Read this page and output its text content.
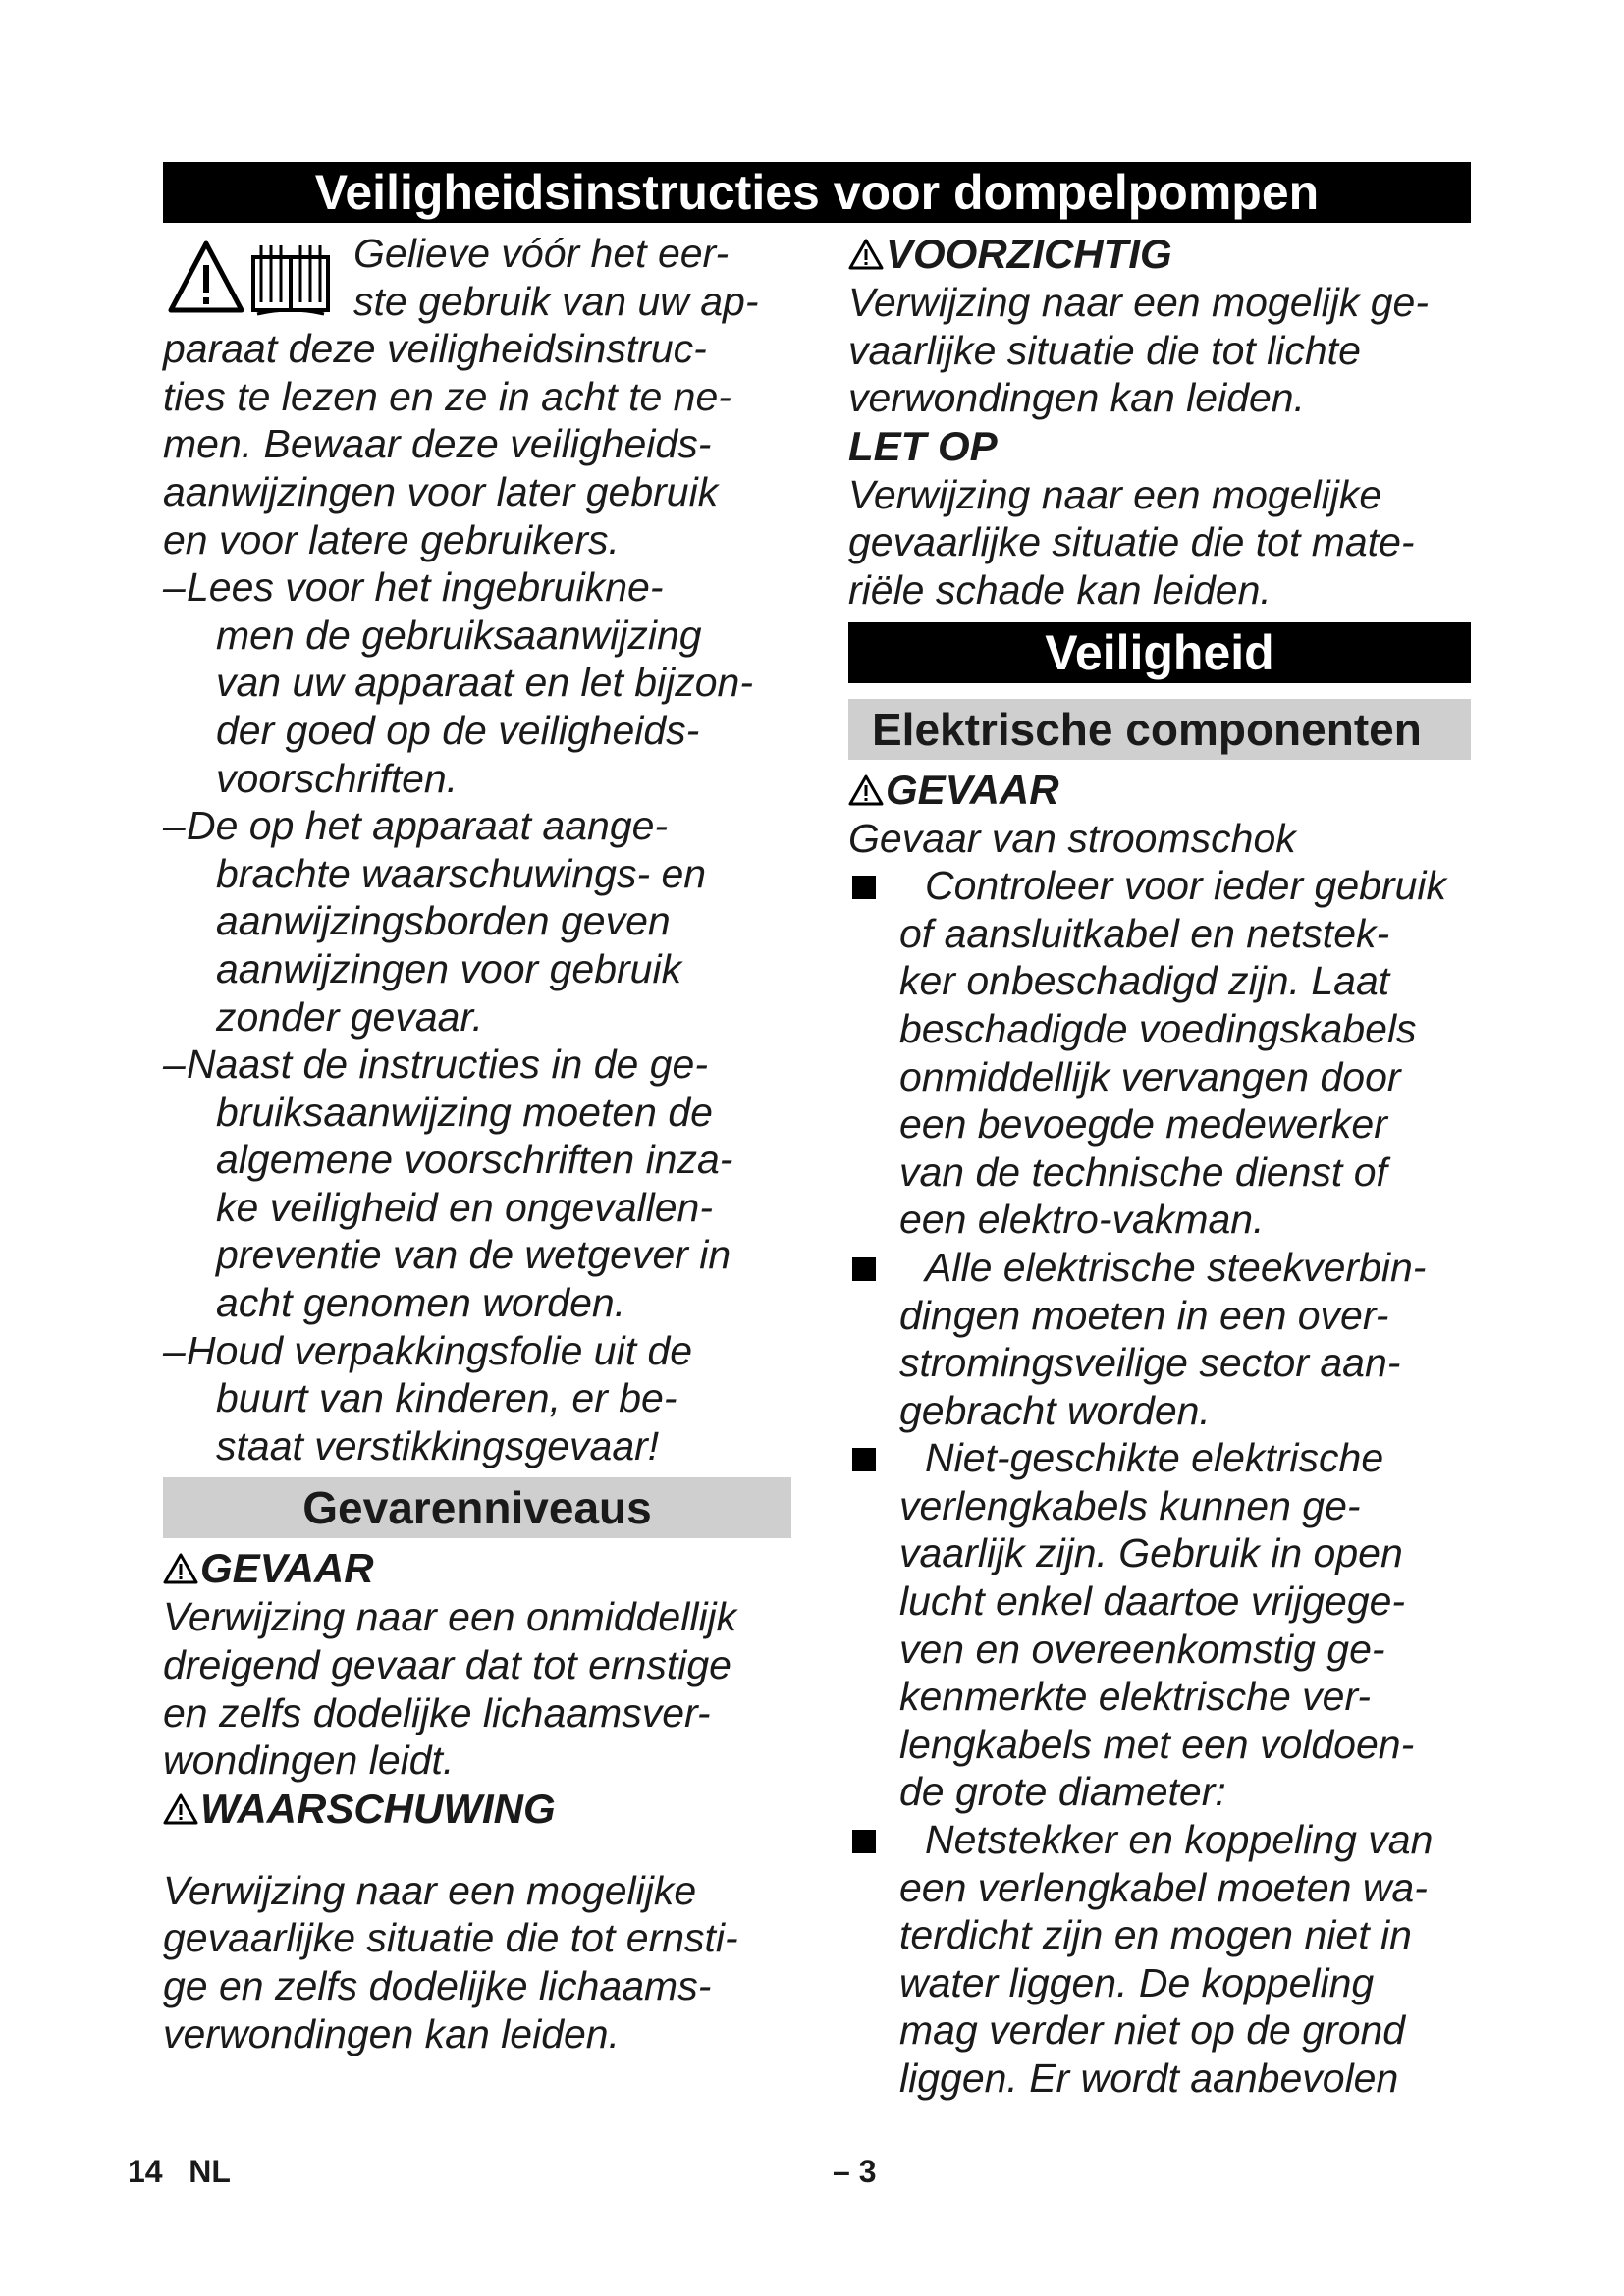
Veiligheidsinstructies voor dompelpompen
Gelieve vóór het eer-
ste gebruik van uw ap-
paraat deze veiligheidsinstruc-
ties te lezen en ze in acht te ne-
men. Bewaar deze veiligheids-
aanwijzingen voor later gebruik
en voor latere gebruikers.
– Lees voor het ingebruikne-
men de gebruiksaanwijzing
van uw apparaat en let bijzon-
der goed op de veiligheids-
voorschriften.
– De op het apparaat aange-
brachte waarschuwings- en
aanwijzingsborden geven
aanwijzingen voor gebruik
zonder gevaar.
– Naast de instructies in de ge-
bruiksaanwijzing moeten de
algemene voorschriften inza-
ke veiligheid en ongevallen-
preventie van de wetgever in
acht genomen worden.
– Houd verpakkingsfolie uit de
buurt van kinderen, er be-
staat verstikkingsgevaar!
Gevarenniveaus
GEVAAR
Verwijzing naar een onmiddellijk
dreigend gevaar dat tot ernstige
en zelfs dodelijke lichaamsver-
wondingen leidt.
WAARSCHUWING
Verwijzing naar een mogelijke
gevaarlijke situatie die tot ernsti-
ge en zelfs dodelijke lichaams-
verwondingen kan leiden.
VOORZICHTIG
Verwijzing naar een mogelijk ge-
vaarlijke situatie die tot lichte
verwondingen kan leiden.
LET OP
Verwijzing naar een mogelijke
gevaarlijke situatie die tot mate-
riële schade kan leiden.
Veiligheid
Elektrische componenten
GEVAAR
Gevaar van stroomschok
Controleer voor ieder gebruik
of aansluitkabel en netstek-
ker onbeschadigd zijn. Laat
beschadigde voedingskabels
onmiddellijk vervangen door
een bevoegde medewerker
van de technische dienst of
een elektro-vakman.
Alle elektrische steekverbin-
dingen moeten in een over-
stromingsveilige sector aan-
gebracht worden.
Niet-geschikte elektrische
verlengkabels kunnen ge-
vaarlijk zijn. Gebruik in open
lucht enkel daartoe vrijgege-
ven en overeenkomstig ge-
kenmerkte elektrische ver-
lengkabels met een voldoen-
de grote diameter:
Netstekker en koppeling van
een verlengkabel moeten wa-
terdicht zijn en mogen niet in
water liggen. De koppeling
mag verder niet op de grond
liggen. Er wordt aanbevolen
14 NL	– 3
